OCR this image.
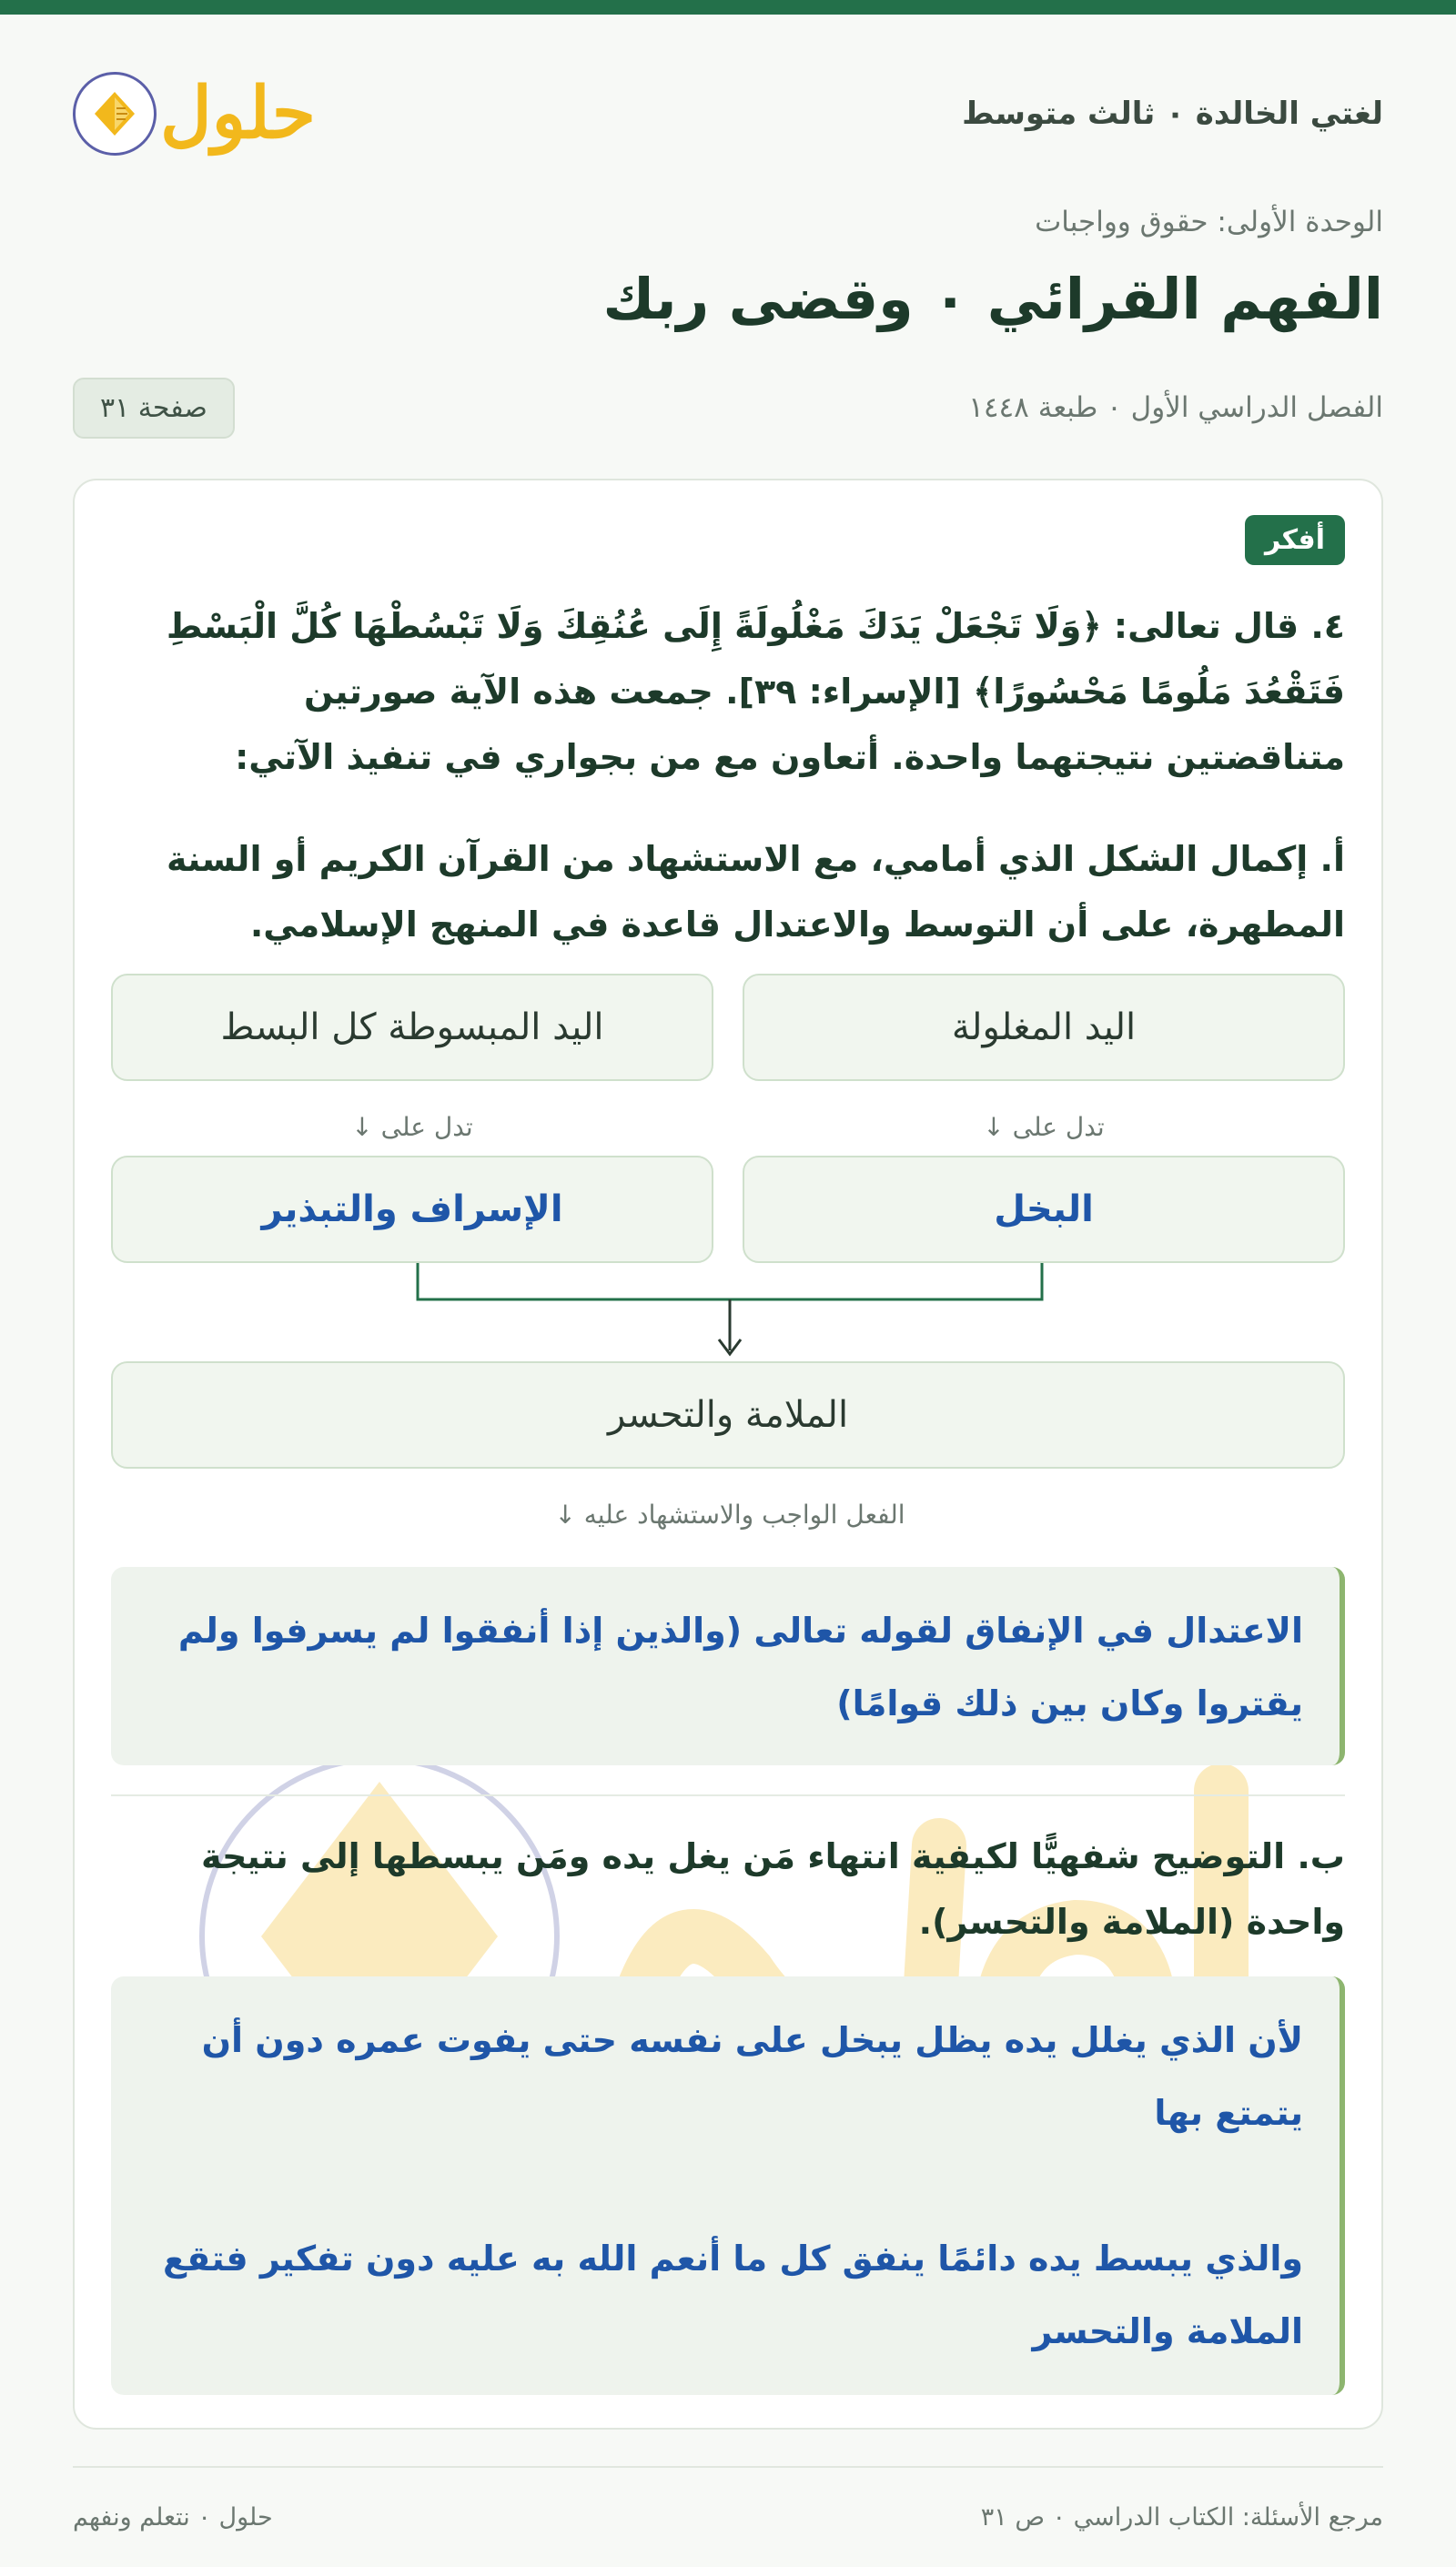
لغتي الخالدة ٠ ثالث متوسط
حلول
الوحدة الأولى: حقوق وواجبات
الفهم القرائي ٠ وقضى ربك
الفصل الدراسي الأول ٠ طبعة ١٤٤٨
صفحة ٣١
أفكر
٤. قال تعالى: ﴿وَلَا تَجْعَلْ يَدَكَ مَغْلُولَةً إِلَى عُنُقِكَ وَلَا تَبْسُطْهَا كُلَّ الْبَسْطِ فَتَقْعُدَ مَلُومًا مَحْسُورًا﴾ [الإسراء: ٣٩]. جمعت هذه الآية صورتين متناقضتين نتيجتهما واحدة. أتعاون مع من بجواري في تنفيذ الآتي:
أ. إكمال الشكل الذي أمامي، مع الاستشهاد من القرآن الكريم أو السنة المطهرة، على أن التوسط والاعتدال قاعدة في المنهج الإسلامي.
اليد المغلولة
اليد المبسوطة كل البسط
تدل على ↓
تدل على ↓
البخل
الإسراف والتبذير
الملامة والتحسر
الفعل الواجب والاستشهاد عليه ↓
الاعتدال في الإنفاق لقوله تعالى (والذين إذا أنفقوا لم يسرفوا ولم يقتروا وكان بين ذلك قوامًا)
ب. التوضيح شفهيًّا لكيفية انتهاء مَن يغل يده ومَن يبسطها إلى نتيجة واحدة (الملامة والتحسر).
لأن الذي يغلل يده يظل يبخل على نفسه حتى يفوت عمره دون أن يتمتع بها
والذي يبسط يده دائمًا ينفق كل ما أنعم الله به عليه دون تفكير فتقع الملامة والتحسر
مرجع الأسئلة: الكتاب الدراسي ٠ ص ٣١
حلول ٠ نتعلم ونفهم
